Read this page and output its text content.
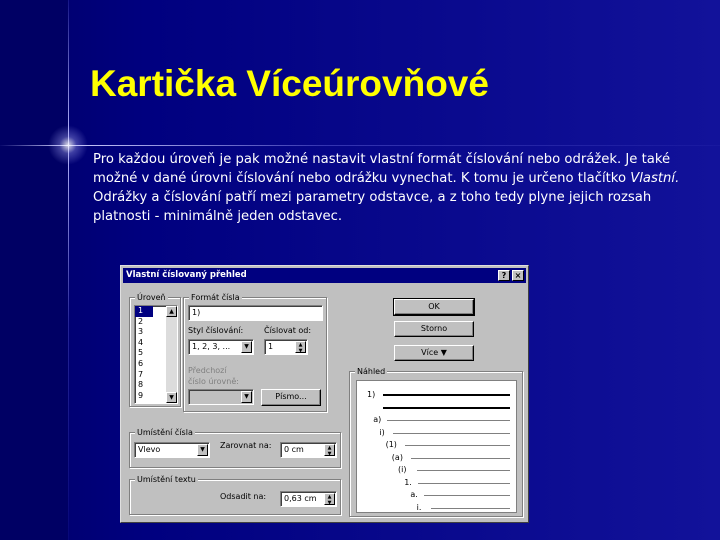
Kartička Víceúrovňové

Pro každou úroveň je pak možné nastavit vlastní formát číslování nebo odrážek. Je také možné v dané úrovni číslování nebo odrážku vynechat. K tomu je určeno tlačítko Vlastní.

Odrážky a číslování patří mezi parametry odstavce, a z toho tedy plyne jejich rozsah platnosti - minimálně jeden odstavec.

Vlastní číslovaný přehled	?	×
Úroveň
1
2
3
4
5
6
7
8
9
▲
▼
Formát čísla
1)
Styl číslování:
1, 2, 3, ...	▼
Číslovat od:
1	▲
▼
Předchozí
číslo úrovně:
▼	Písmo...
OK
Storno
Více ▼
Umístění čísla
Vlevo	▼	Zarovnat na: 0 cm	▲
▼
Umístění textu
Odsadit na: 0,63 cm	▲
▼
Náhled
1)
a)
i)
(1)
(a)
(i)
1.
a.
i.
